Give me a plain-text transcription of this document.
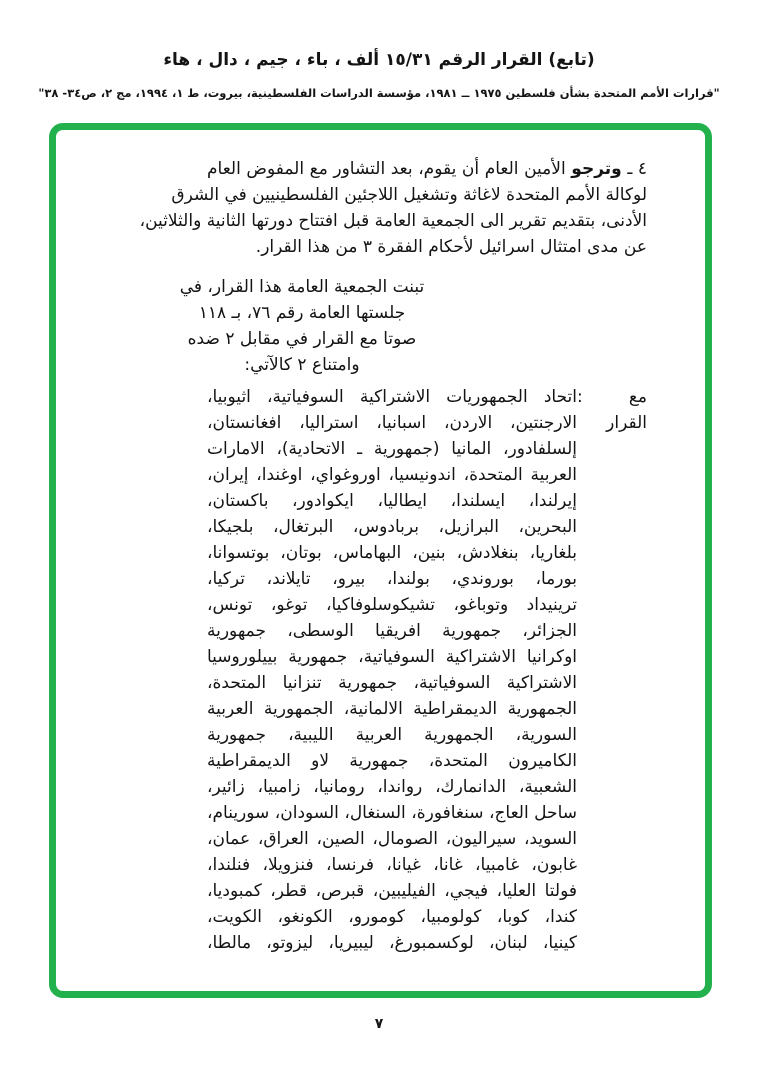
(تابع) القرار الرقم ١٥/٣١ ألف ، باء ، جيم ، دال ، هاء
"قرارات الأمم المتحدة بشأن فلسطين ١٩٧٥ ــ ١٩٨١، مؤسسة الدراسات الفلسطينية، بيروت، ط ١، ١٩٩٤، مج ٢، ص٣٤- ٣٨"
٤ ـ وترجو الأمين العام أن يقوم، بعد التشاور مع المفوض العام
لوكالة الأمم المتحدة لاغاثة وتشغيل اللاجئين الفلسطينيين في الشرق
الأدنى، بتقديم تقرير الى الجمعية العامة قبل افتتاح دورتها الثانية والثلاثين،
عن مدى امتثال اسرائيل لأحكام الفقرة ٣ من هذا القرار.
تبنت الجمعية العامة هذا القرار، في
جلستها العامة رقم ٧٦، بـ ١١٨
صوتا مع القرار في مقابل ٢ ضده
وامتناع ٢ كالآتي:
مع القرار
:
اتحاد الجمهوريات الاشتراكية السوفياتية، اثيوبيا،
الارجنتين، الاردن، اسبانيا، استراليا، افغانستان،
إلسلفادور، المانيا (جمهورية ـ الاتحادية)، الامارات
العربية المتحدة، اندونيسيا، اوروغواي، اوغندا، إيران،
إيرلندا، ايسلندا، ايطاليا، ايكوادور، باكستان،
البحرين، البرازيل، بربادوس، البرتغال، بلجيكا،
بلغاريا، بنغلادش، بنين، البهاماس، بوتان، بوتسوانا،
بورما، بوروندي، بولندا، بيرو، تايلاند، تركيا،
ترينيداد وتوباغو، تشيكوسلوفاكيا، توغو، تونس،
الجزائر، جمهورية افريقيا الوسطى، جمهورية
اوكرانيا الاشتراكية السوفياتية، جمهورية بييلوروسيا
الاشتراكية السوفياتية، جمهورية تنزانيا المتحدة،
الجمهورية الديمقراطية الالمانية، الجمهورية العربية
السورية، الجمهورية العربية الليبية، جمهورية
الكاميرون المتحدة، جمهورية لاو الديمقراطية
الشعبية، الدانمارك، رواندا، رومانيا، زامبيا، زائير،
ساحل العاج، سنغافورة، السنغال، السودان، سورينام،
السويد، سيراليون، الصومال، الصين، العراق، عمان،
غابون، غامبيا، غانا، غيانا، فرنسا، فنزويلا، فنلندا،
فولتا العليا، فيجي، الفيليبين، قبرص، قطر، كمبوديا،
كندا، كوبا، كولومبيا، كومورو، الكونغو، الكويت،
كينيا، لبنان، لوكسمبورغ، ليبيريا، ليزوتو، مالطا،
٧
